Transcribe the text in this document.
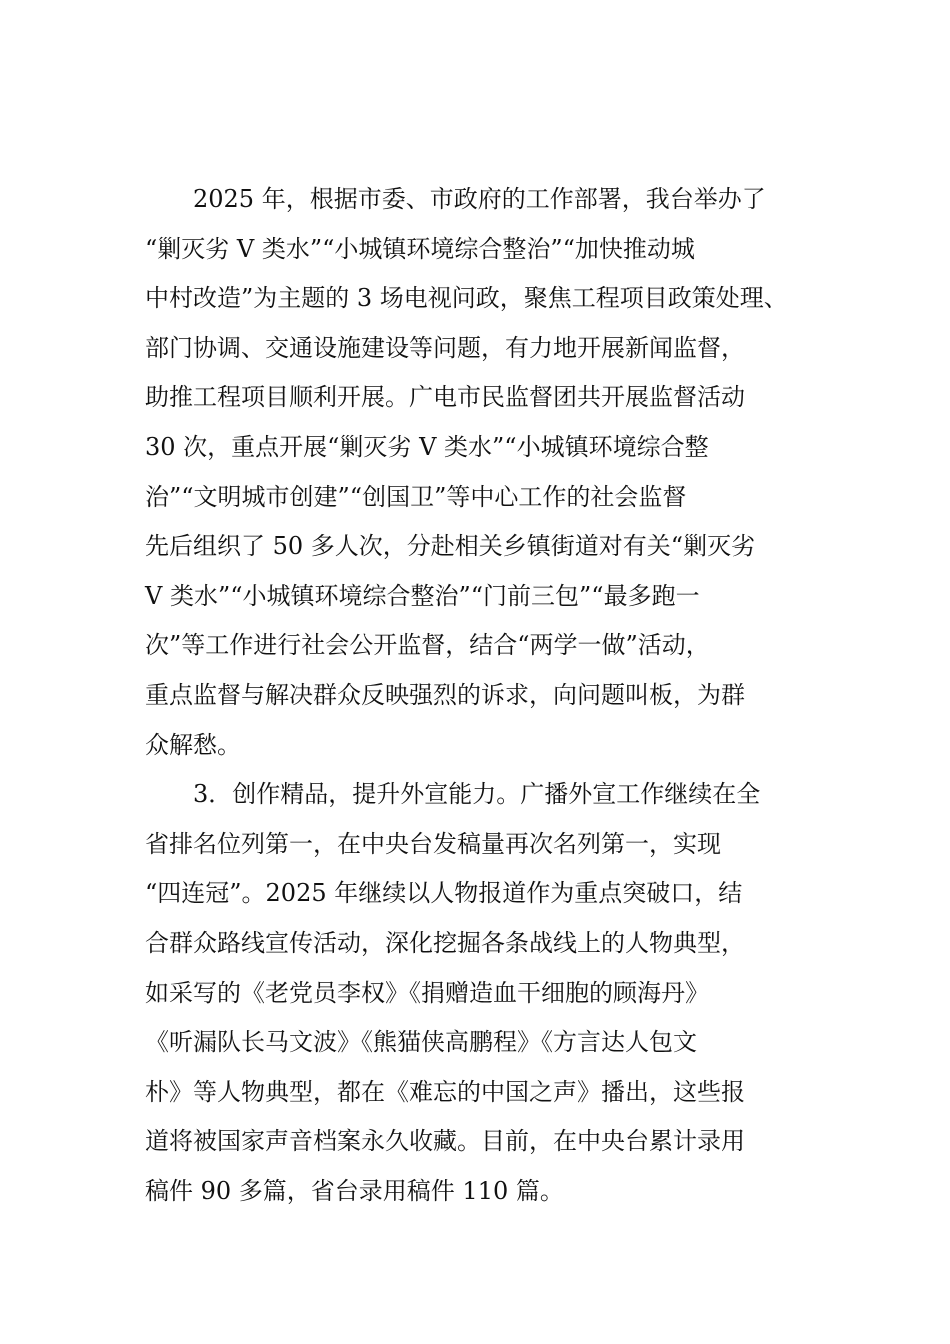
2025 年，根据市委、市政府的工作部署，我台举办了
“剿灭劣 V 类水”“小城镇环境综合整治”“加快推动城
中村改造”为主题的 3 场电视问政，聚焦工程项目政策处理、
部门协调、交通设施建设等问题，有力地开展新闻监督，
助推工程项目顺利开展。广电市民监督团共开展监督活动
30 次，重点开展“剿灭劣 V 类水”“小城镇环境综合整
治”“文明城市创建”“创国卫”等中心工作的社会监督
先后组织了 50 多人次，分赴相关乡镇街道对有关“剿灭劣
V 类水”“小城镇环境综合整治”“门前三包”“最多跑一
次”等工作进行社会公开监督，结合“两学一做”活动，
重点监督与解决群众反映强烈的诉求，向问题叫板，为群
众解愁。
3．创作精品，提升外宣能力。广播外宣工作继续在全
省排名位列第一，在中央台发稿量再次名列第一，实现
“四连冠”。2025 年继续以人物报道作为重点突破口，结
合群众路线宣传活动，深化挖掘各条战线上的人物典型，
如采写的《老党员李权》《捐赠造血干细胞的顾海丹》
《听漏队长马文波》《熊猫侠高鹏程》《方言达人包文
朴》等人物典型，都在《难忘的中国之声》播出，这些报
道将被国家声音档案永久收藏。目前，在中央台累计录用
稿件 90 多篇，省台录用稿件 110 篇。
